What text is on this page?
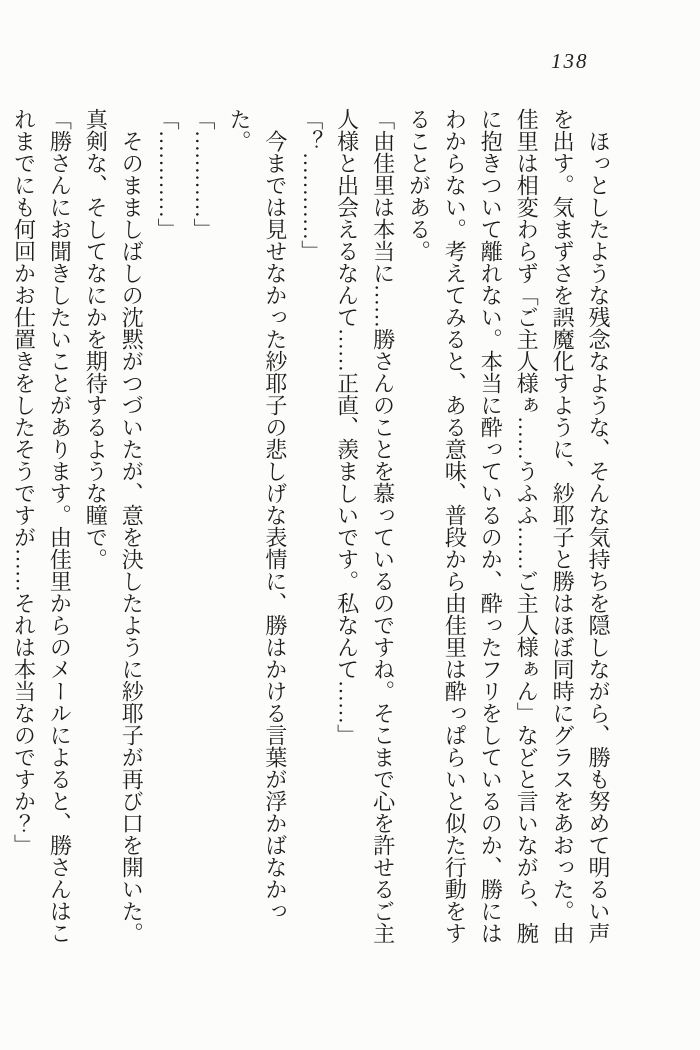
138

ほっとしたような残念なような、そんな気持ちを隠しながら、勝も努めて明るい声を出す。気まずさを誤魔化すように、紗耶子と勝はほぼ同時にグラスをあおった。由佳里は相変わらず「ご主人様ぁ……うふふ……ご主人様ぁん」などと言いながら、腕に抱きついて離れない。本当に酔っているのか、酔ったフリをしているのか、勝にはわからない。考えてみると、ある意味、普段から由佳里は酔っぱらいと似た行動をすることがある。

「由佳里は本当に……勝さんのことを慕っているのですね。そこまで心を許せるご主人様と出会えるなんて……正直、羨ましいです。私なんて……」

「？…………」

今までは見せなかった紗耶子の悲しげな表情に、勝はかける言葉が浮かばなかった。

「…………」

「…………」

そのまましばしの沈黙がつづいたが、意を決したように紗耶子が再び口を開いた。真剣な、そしてなにかを期待するような瞳で。

「勝さんにお聞きしたいことがあります。由佳里からのメールによると、勝さんはこれまでにも何回かお仕置きをしたそうですが……それは本当なのですか？」
